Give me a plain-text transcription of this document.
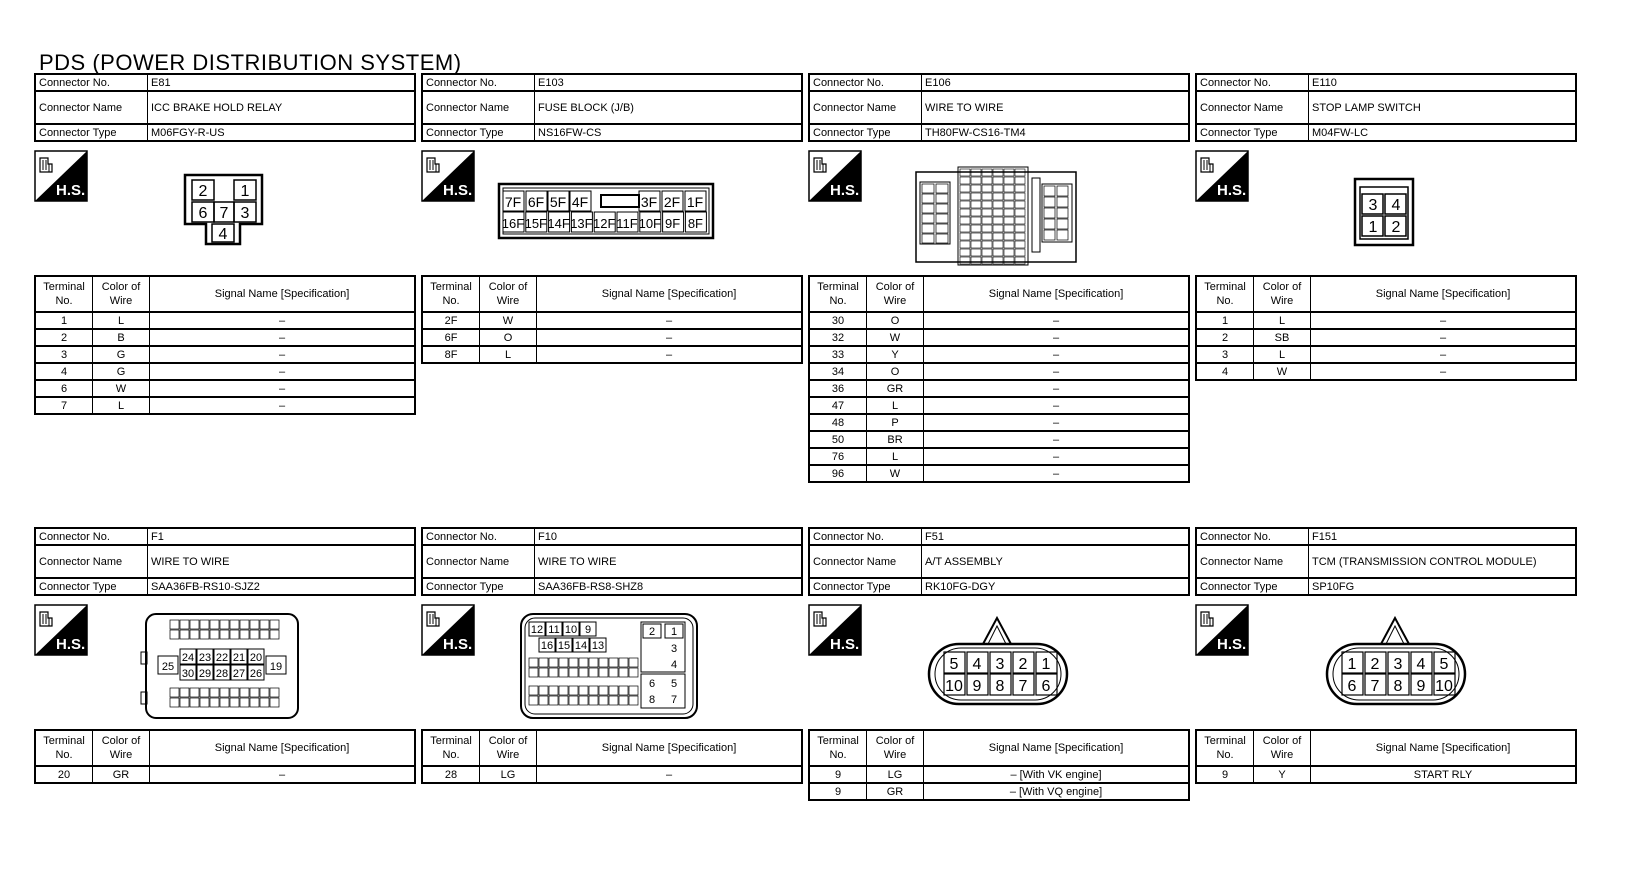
PDS (POWER DISTRIBUTION SYSTEM)
Connector No.	E81
Connector Name	ICC BRAKE HOLD RELAY
Connector Type	M06FGY-R-US
H.S.
Terminal No.	Color of Wire	Signal Name [Specification]
1	L	–
2	B	–
3	G	–
4	G	–
6	W	–
7	L	–
Connector No.	E103
Connector Name	FUSE BLOCK (J/B)
Connector Type	NS16FW-CS
H.S.
Terminal No.	Color of Wire	Signal Name [Specification]
2F	W	–
6F	O	–
8F	L	–
Connector No.	E106
Connector Name	WIRE TO WIRE
Connector Type	TH80FW-CS16-TM4
H.S.
Terminal No.	Color of Wire	Signal Name [Specification]
30	O	–
32	W	–
33	Y	–
34	O	–
36	GR	–
47	L	–
48	P	–
50	BR	–
76	L	–
96	W	–
Connector No.	E110
Connector Name	STOP LAMP SWITCH
Connector Type	M04FW-LC
H.S.
Terminal No.	Color of Wire	Signal Name [Specification]
1	L	–
2	SB	–
3	L	–
4	W	–
Connector No.	F1
Connector Name	WIRE TO WIRE
Connector Type	SAA36FB-RS10-SJZ2
H.S.
Terminal No.	Color of Wire	Signal Name [Specification]
20	GR	–
Connector No.	F10
Connector Name	WIRE TO WIRE
Connector Type	SAA36FB-RS8-SHZ8
H.S.
Terminal No.	Color of Wire	Signal Name [Specification]
28	LG	–
Connector No.	F51
Connector Name	A/T ASSEMBLY
Connector Type	RK10FG-DGY
H.S.
Terminal No.	Color of Wire	Signal Name [Specification]
9	LG	– [With VK engine]
9	GR	– [With VQ engine]
Connector No.	F151
Connector Name	TCM (TRANSMISSION CONTROL MODULE)
Connector Type	SP10FG
H.S.
Terminal No.	Color of Wire	Signal Name [Specification]
9	Y	START RLY
2 1
6 7 3
4
7F 6F 5F 4F	3F 2F 1F
16F 15F 14F 13F 12F 11F 10F 9F 8F
3 4
1 2
25	19
24
30
23
29
22
28
21
27
20
26
12 11 10 9
16 15 14 13
2 1
3
4
6 5
8 7
5
10
4
9
3
8
2
7
1
6
1
6
2
7
3
8
4
9
5
10
